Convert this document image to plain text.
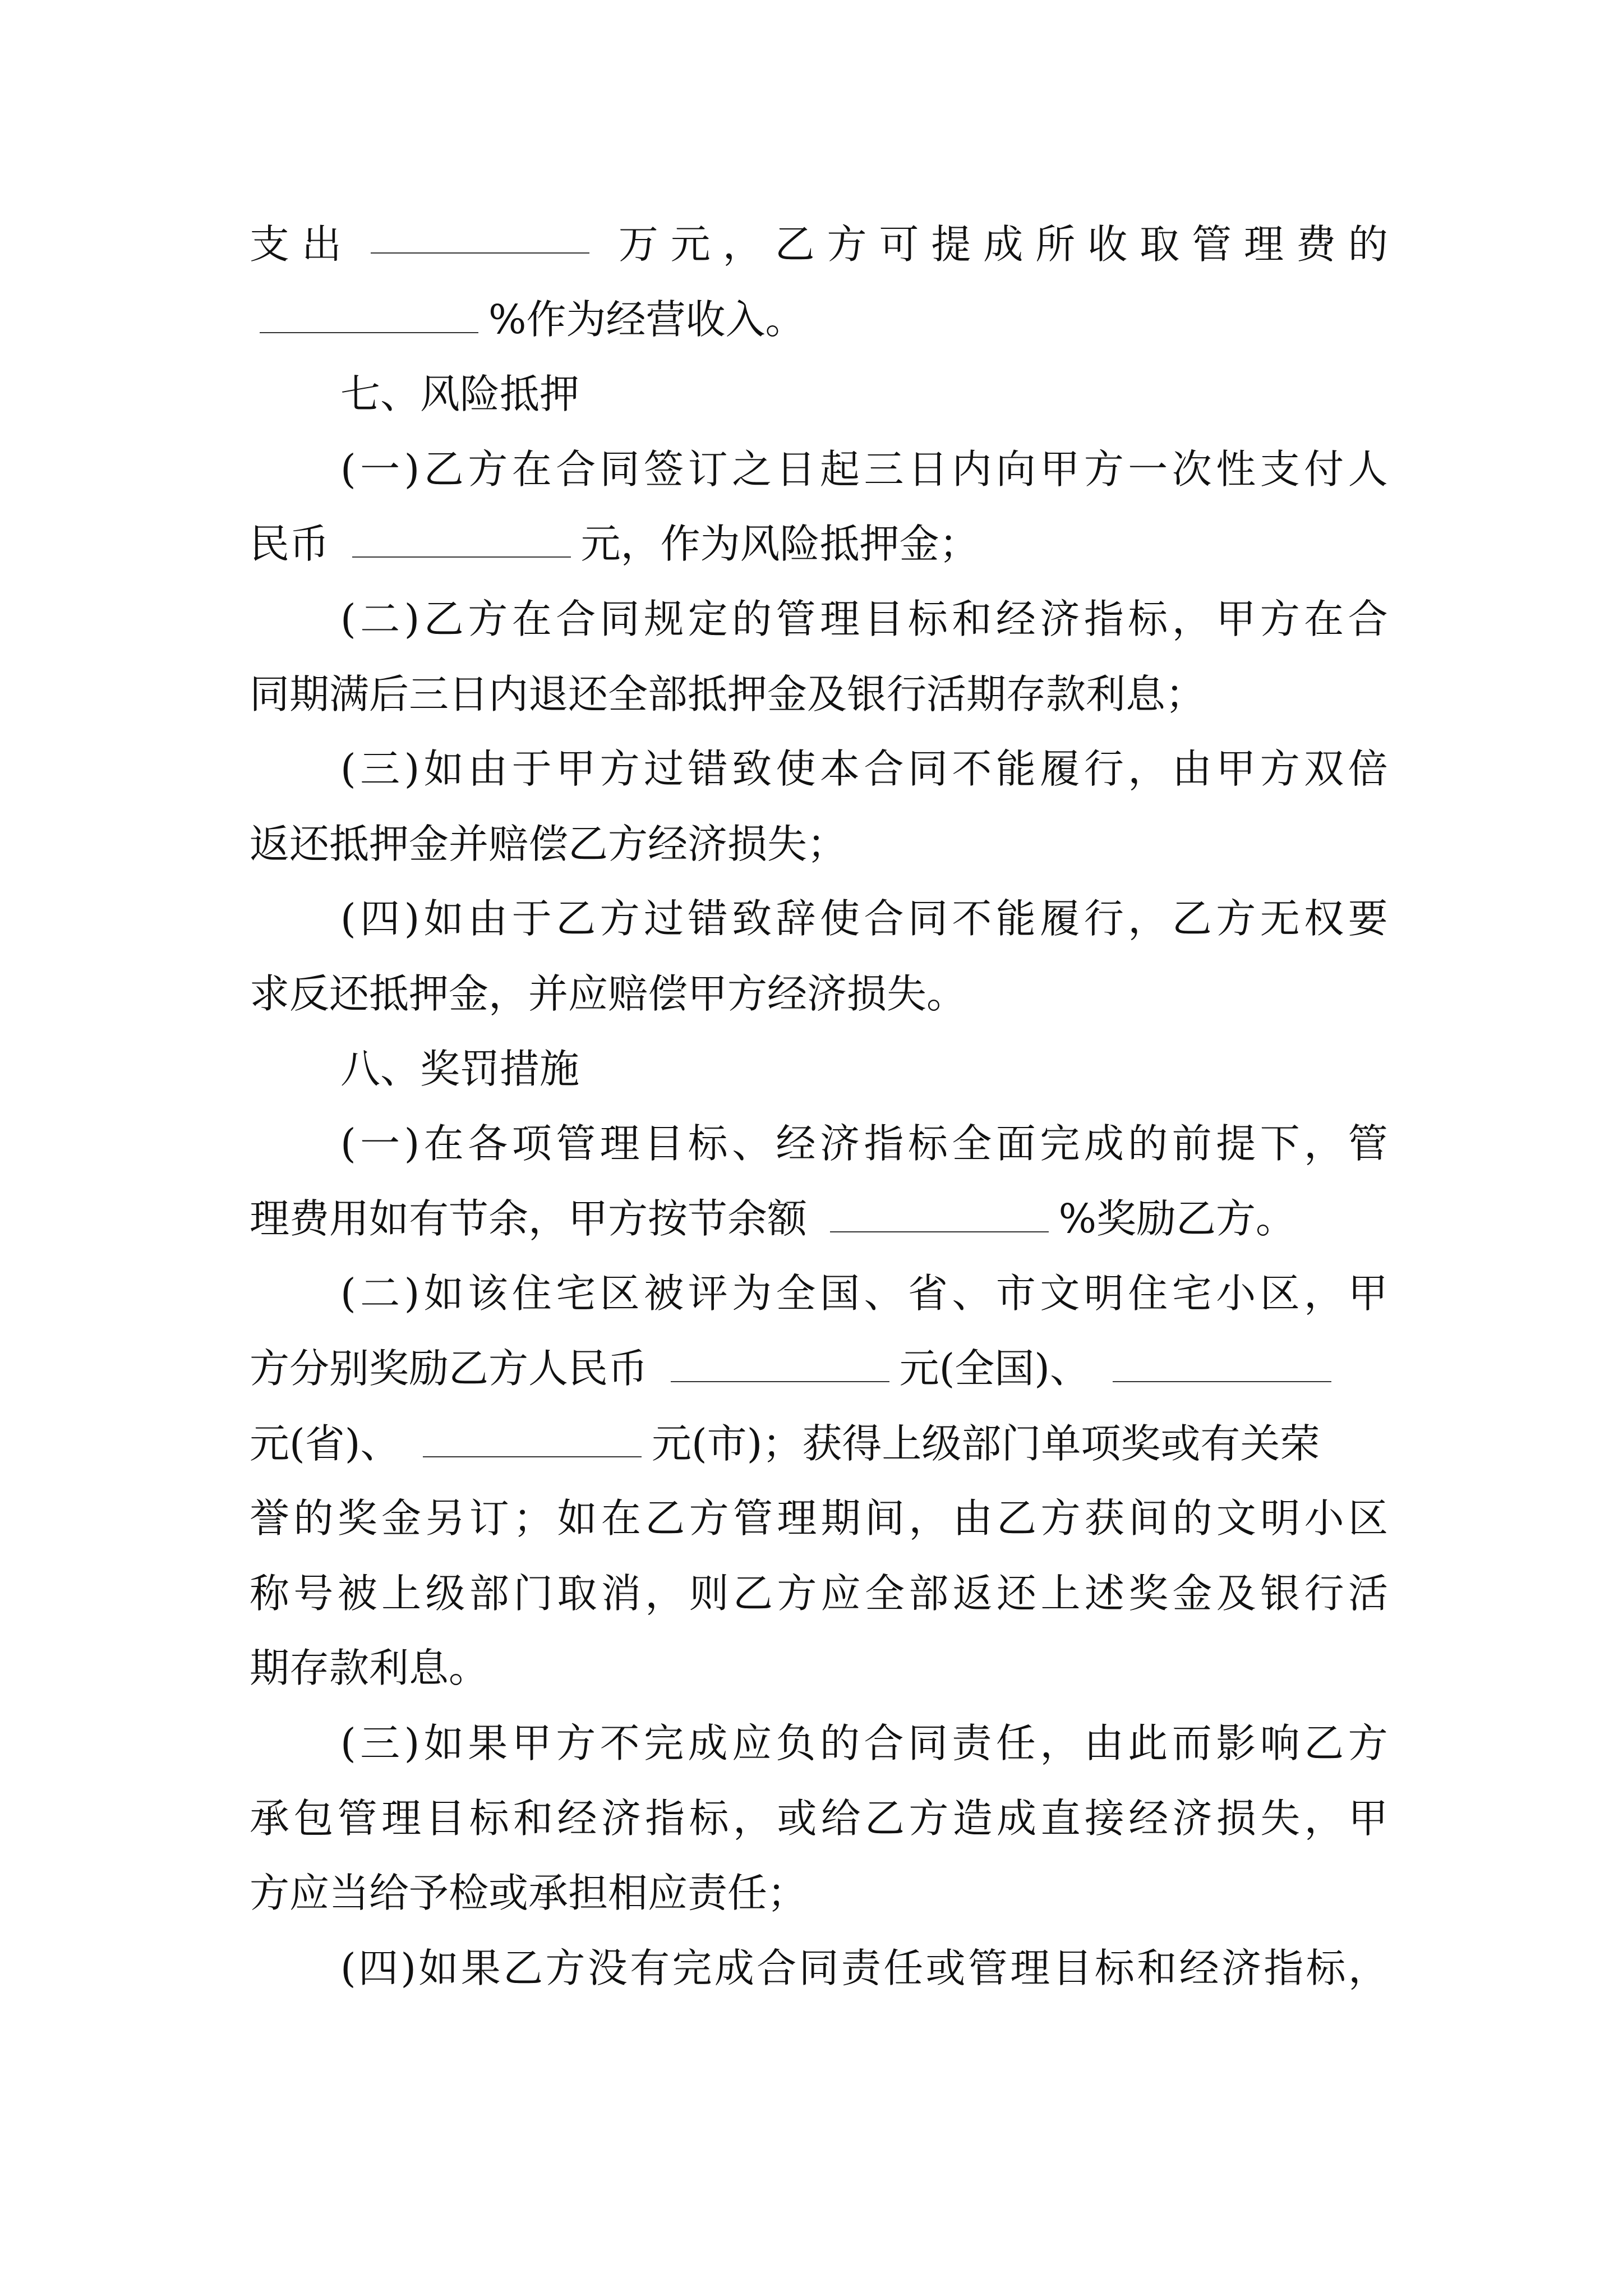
支 出	万 元 ， 乙 方 可 提 成 所 收 取 管 理 费 的
%作为经营收入。
七、风险抵押
( 一 ) 乙 方 在 合 同 签 订 之 日 起 三 日 内 向 甲 方 一 次 性 支 付 人
民币	元，作为风险抵押金；
( 二 ) 乙 方 在 合 同 规 定 的 管 理 目 标 和 经 济 指 标 ， 甲 方 在 合
同期满后三日内退还全部抵押金及银行活期存款利息；
( 三 ) 如 由 于 甲 方 过 错 致 使 本 合 同 不 能 履 行 ， 由 甲 方 双 倍
返还抵押金并赔偿乙方经济损失；
( 四 ) 如 由 于 乙 方 过 错 致 辞 使 合 同 不 能 履 行 ， 乙 方 无 权 要
求反还抵押金，并应赔偿甲方经济损失。
八、奖罚措施
( 一 ) 在 各 项 管 理 目 标 、 经 济 指 标 全 面 完 成 的 前 提 下 ， 管
理费用如有节余，甲方按节余额	%奖励乙方。
( 二 ) 如 该 住 宅 区 被 评 为 全 国 、 省 、 市 文 明 住 宅 小 区 ， 甲
方分别奖励乙方人民币	元(全国)、
元(省)、	元(市)；获得上级部门单项奖或有关荣
誉 的 奖 金 另 订 ； 如 在 乙 方 管 理 期 间 ， 由 乙 方 获 间 的 文 明 小 区
称 号 被 上 级 部 门 取 消 ， 则 乙 方 应 全 部 返 还 上 述 奖 金 及 银 行 活
期存款利息。
( 三 ) 如 果 甲 方 不 完 成 应 负 的 合 同 责 任 ， 由 此 而 影 响 乙 方
承 包 管 理 目 标 和 经 济 指 标 ， 或 给 乙 方 造 成 直 接 经 济 损 失 ， 甲
方应当给予检或承担相应责任；
( 四 ) 如 果 乙 方 没 有 完 成 合 同 责 任 或 管 理 目 标 和 经 济 指 标 ，
